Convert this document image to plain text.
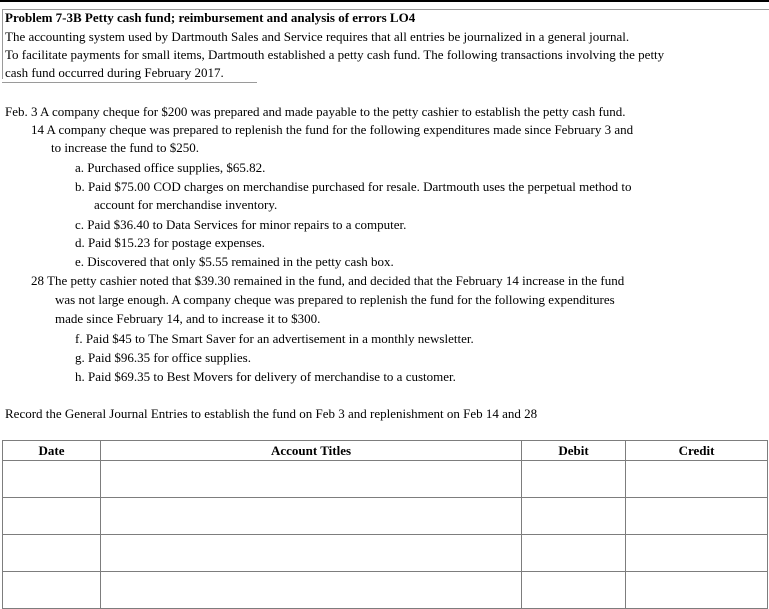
Problem 7-3B Petty cash fund; reimbursement and analysis of errors LO4
The accounting system used by Dartmouth Sales and Service requires that all entries be journalized in a general journal.
To facilitate payments for small items, Dartmouth established a petty cash fund. The following transactions involving the petty
cash fund occurred during February 2017.
Feb. 3 A company cheque for $200 was prepared and made payable to the petty cashier to establish the petty cash fund.
14 A company cheque was prepared to replenish the fund for the following expenditures made since February 3 and
to increase the fund to $250.
a. Purchased office supplies, $65.82.
b. Paid $75.00 COD charges on merchandise purchased for resale. Dartmouth uses the perpetual method to
account for merchandise inventory.
c. Paid $36.40 to Data Services for minor repairs to a computer.
d. Paid $15.23 for postage expenses.
e. Discovered that only $5.55 remained in the petty cash box.
28 The petty cashier noted that $39.30 remained in the fund, and decided that the February 14 increase in the fund
was not large enough. A company cheque was prepared to replenish the fund for the following expenditures
made since February 14, and to increase it to $300.
f. Paid $45 to The Smart Saver for an advertisement in a monthly newsletter.
g. Paid $96.35 for office supplies.
h. Paid $69.35 to Best Movers for delivery of merchandise to a customer.
Record the General Journal Entries to establish the fund on Feb 3 and replenishment on Feb 14 and 28
Date	Account Titles	Debit	Credit
